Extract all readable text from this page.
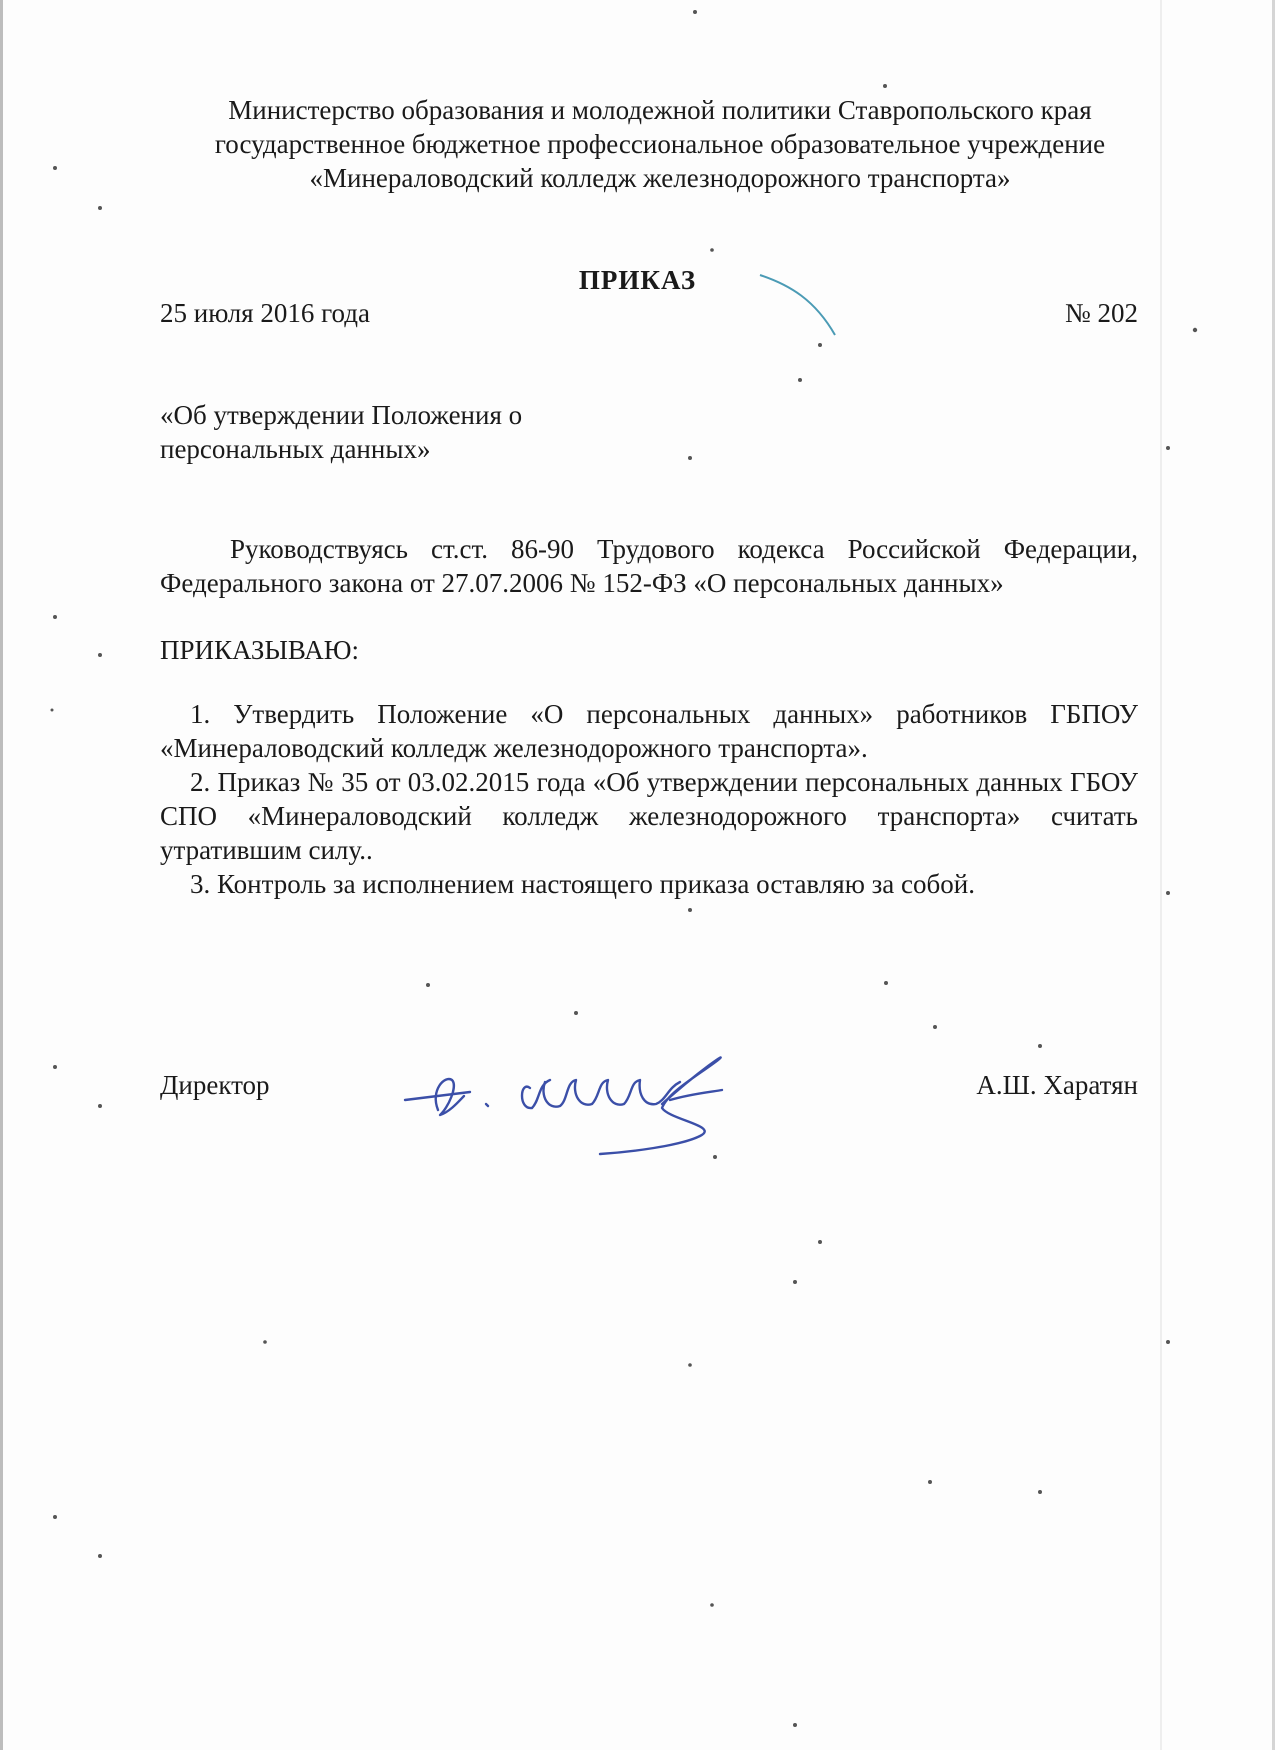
Министерство образования и молодежной политики Ставропольского края
государственное бюджетное профессиональное образовательное учреждение
«Минераловодский колледж железнодорожного транспорта»
ПРИКАЗ
25 июля 2016 года	№ 202
«Об утверждении Положения о
персональных данных»
Руководствуясь ст.ст. 86-90 Трудового кодекса Российской Федерации, Федерального закона от 27.07.2006 № 152-ФЗ «О персональных данных»
ПРИКАЗЫВАЮ:

1. Утвердить Положение «О персональных данных» работников ГБПОУ «Минераловодский колледж железнодорожного транспорта».

2. Приказ № 35 от 03.02.2015 года «Об утверждении персональных данных ГБОУ СПО «Минераловодский колледж железнодорожного транспорта» считать утратившим силу..

3. Контроль за исполнением настоящего приказа оставляю за собой.

Директор	А.Ш. Харатян
